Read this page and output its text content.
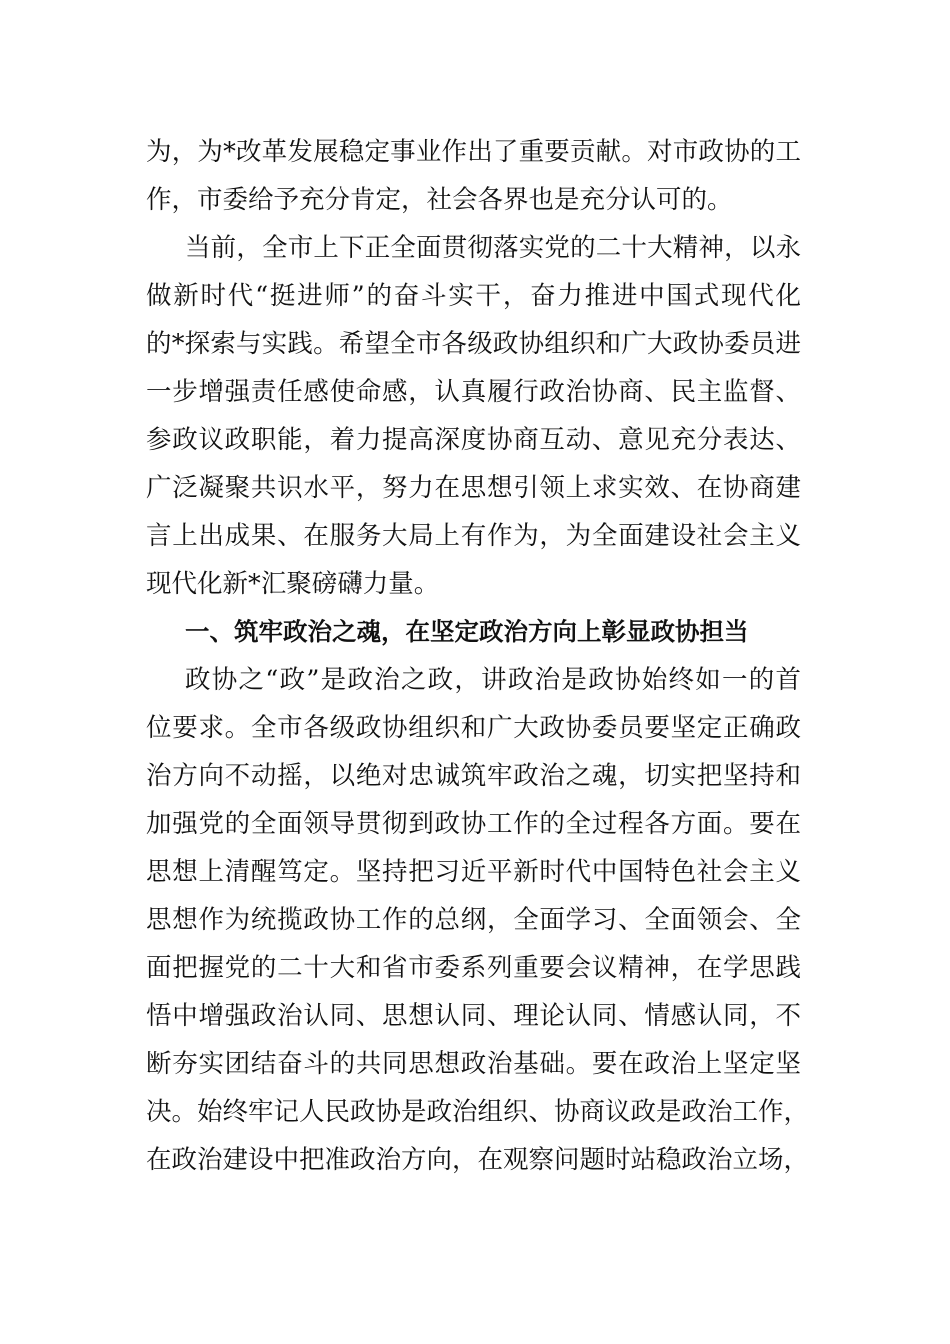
为，为*改革发展稳定事业作出了重要贡献。对市政协的工
作，市委给予充分肯定，社会各界也是充分认可的。
当前，全市上下正全面贯彻落实党的二十大精神，以永
做新时代“挺进师”的奋斗实干，奋力推进中国式现代化
的*探索与实践。希望全市各级政协组织和广大政协委员进
一步增强责任感使命感，认真履行政治协商、民主监督、
参政议政职能，着力提高深度协商互动、意见充分表达、
广泛凝聚共识水平，努力在思想引领上求实效、在协商建
言上出成果、在服务大局上有作为，为全面建设社会主义
现代化新*汇聚磅礴力量。
一、筑牢政治之魂，在坚定政治方向上彰显政协担当
政协之“政”是政治之政，讲政治是政协始终如一的首
位要求。全市各级政协组织和广大政协委员要坚定正确政
治方向不动摇，以绝对忠诚筑牢政治之魂，切实把坚持和
加强党的全面领导贯彻到政协工作的全过程各方面。要在
思想上清醒笃定。坚持把习近平新时代中国特色社会主义
思想作为统揽政协工作的总纲，全面学习、全面领会、全
面把握党的二十大和省市委系列重要会议精神，在学思践
悟中增强政治认同、思想认同、理论认同、情感认同，不
断夯实团结奋斗的共同思想政治基础。要在政治上坚定坚
决。始终牢记人民政协是政治组织、协商议政是政治工作，
在政治建设中把准政治方向，在观察问题时站稳政治立场，
